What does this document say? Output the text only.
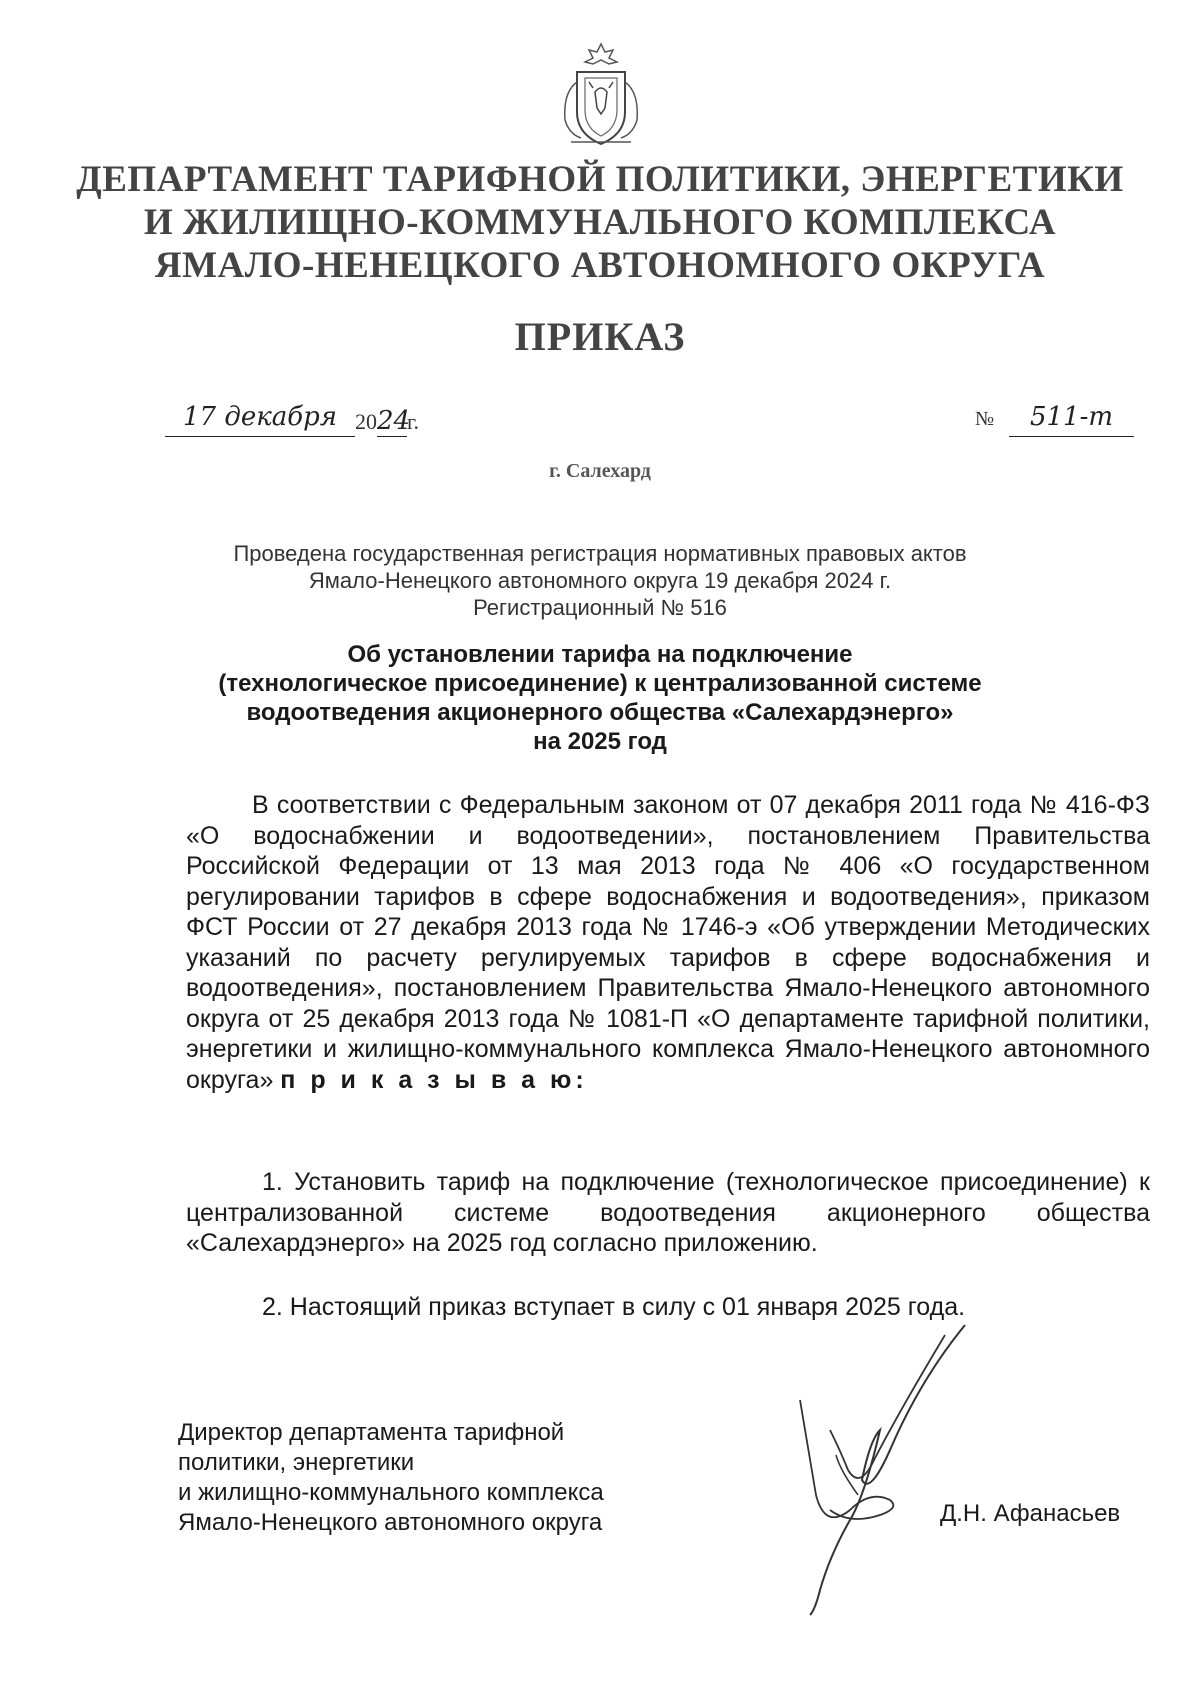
ДЕПАРТАМЕНТ ТАРИФНОЙ ПОЛИТИКИ, ЭНЕРГЕТИКИ
И ЖИЛИЩНО-КОММУНАЛЬНОГО КОМПЛЕКСА
ЯМАЛО-НЕНЕЦКОГО АВТОНОМНОГО ОКРУГА
ПРИКАЗ
17 декабря 2024г.	№	511-т
г. Салехард
Проведена государственная регистрация нормативных правовых актов
Ямало-Ненецкого автономного округа 19 декабря 2024 г.
Регистрационный № 516
Об установлении тарифа на подключение
(технологическое присоединение) к централизованной системе
водоотведения акционерного общества «Салехардэнерго»
на 2025 год
В соответствии с Федеральным законом от 07 декабря 2011 года № 416-ФЗ «О водоснабжении и водоотведении», постановлением Правительства Российской Федерации от 13 мая 2013 года № 406 «О государственном регулировании тарифов в сфере водоснабжения и водоотведения», приказом ФСТ России от 27 декабря 2013 года № 1746-э «Об утверждении Методических указаний по расчету регулируемых тарифов в сфере водоснабжения и водоотведения», постановлением Правительства Ямало-Ненецкого автономного округа от 25 декабря 2013 года № 1081-П «О департаменте тарифной политики, энергетики и жилищно-коммунального комплекса Ямало-Ненецкого автономного округа» п р и к а з ы в а ю:
1. Установить тариф на подключение (технологическое присоединение) к централизованной системе водоотведения акционерного общества «Салехардэнерго» на 2025 год согласно приложению.
2. Настоящий приказ вступает в силу с 01 января 2025 года.
Директор департамента тарифной
политики, энергетики
и жилищно-коммунального комплекса
Ямало-Ненецкого автономного округа	Д.Н. Афанасьев
